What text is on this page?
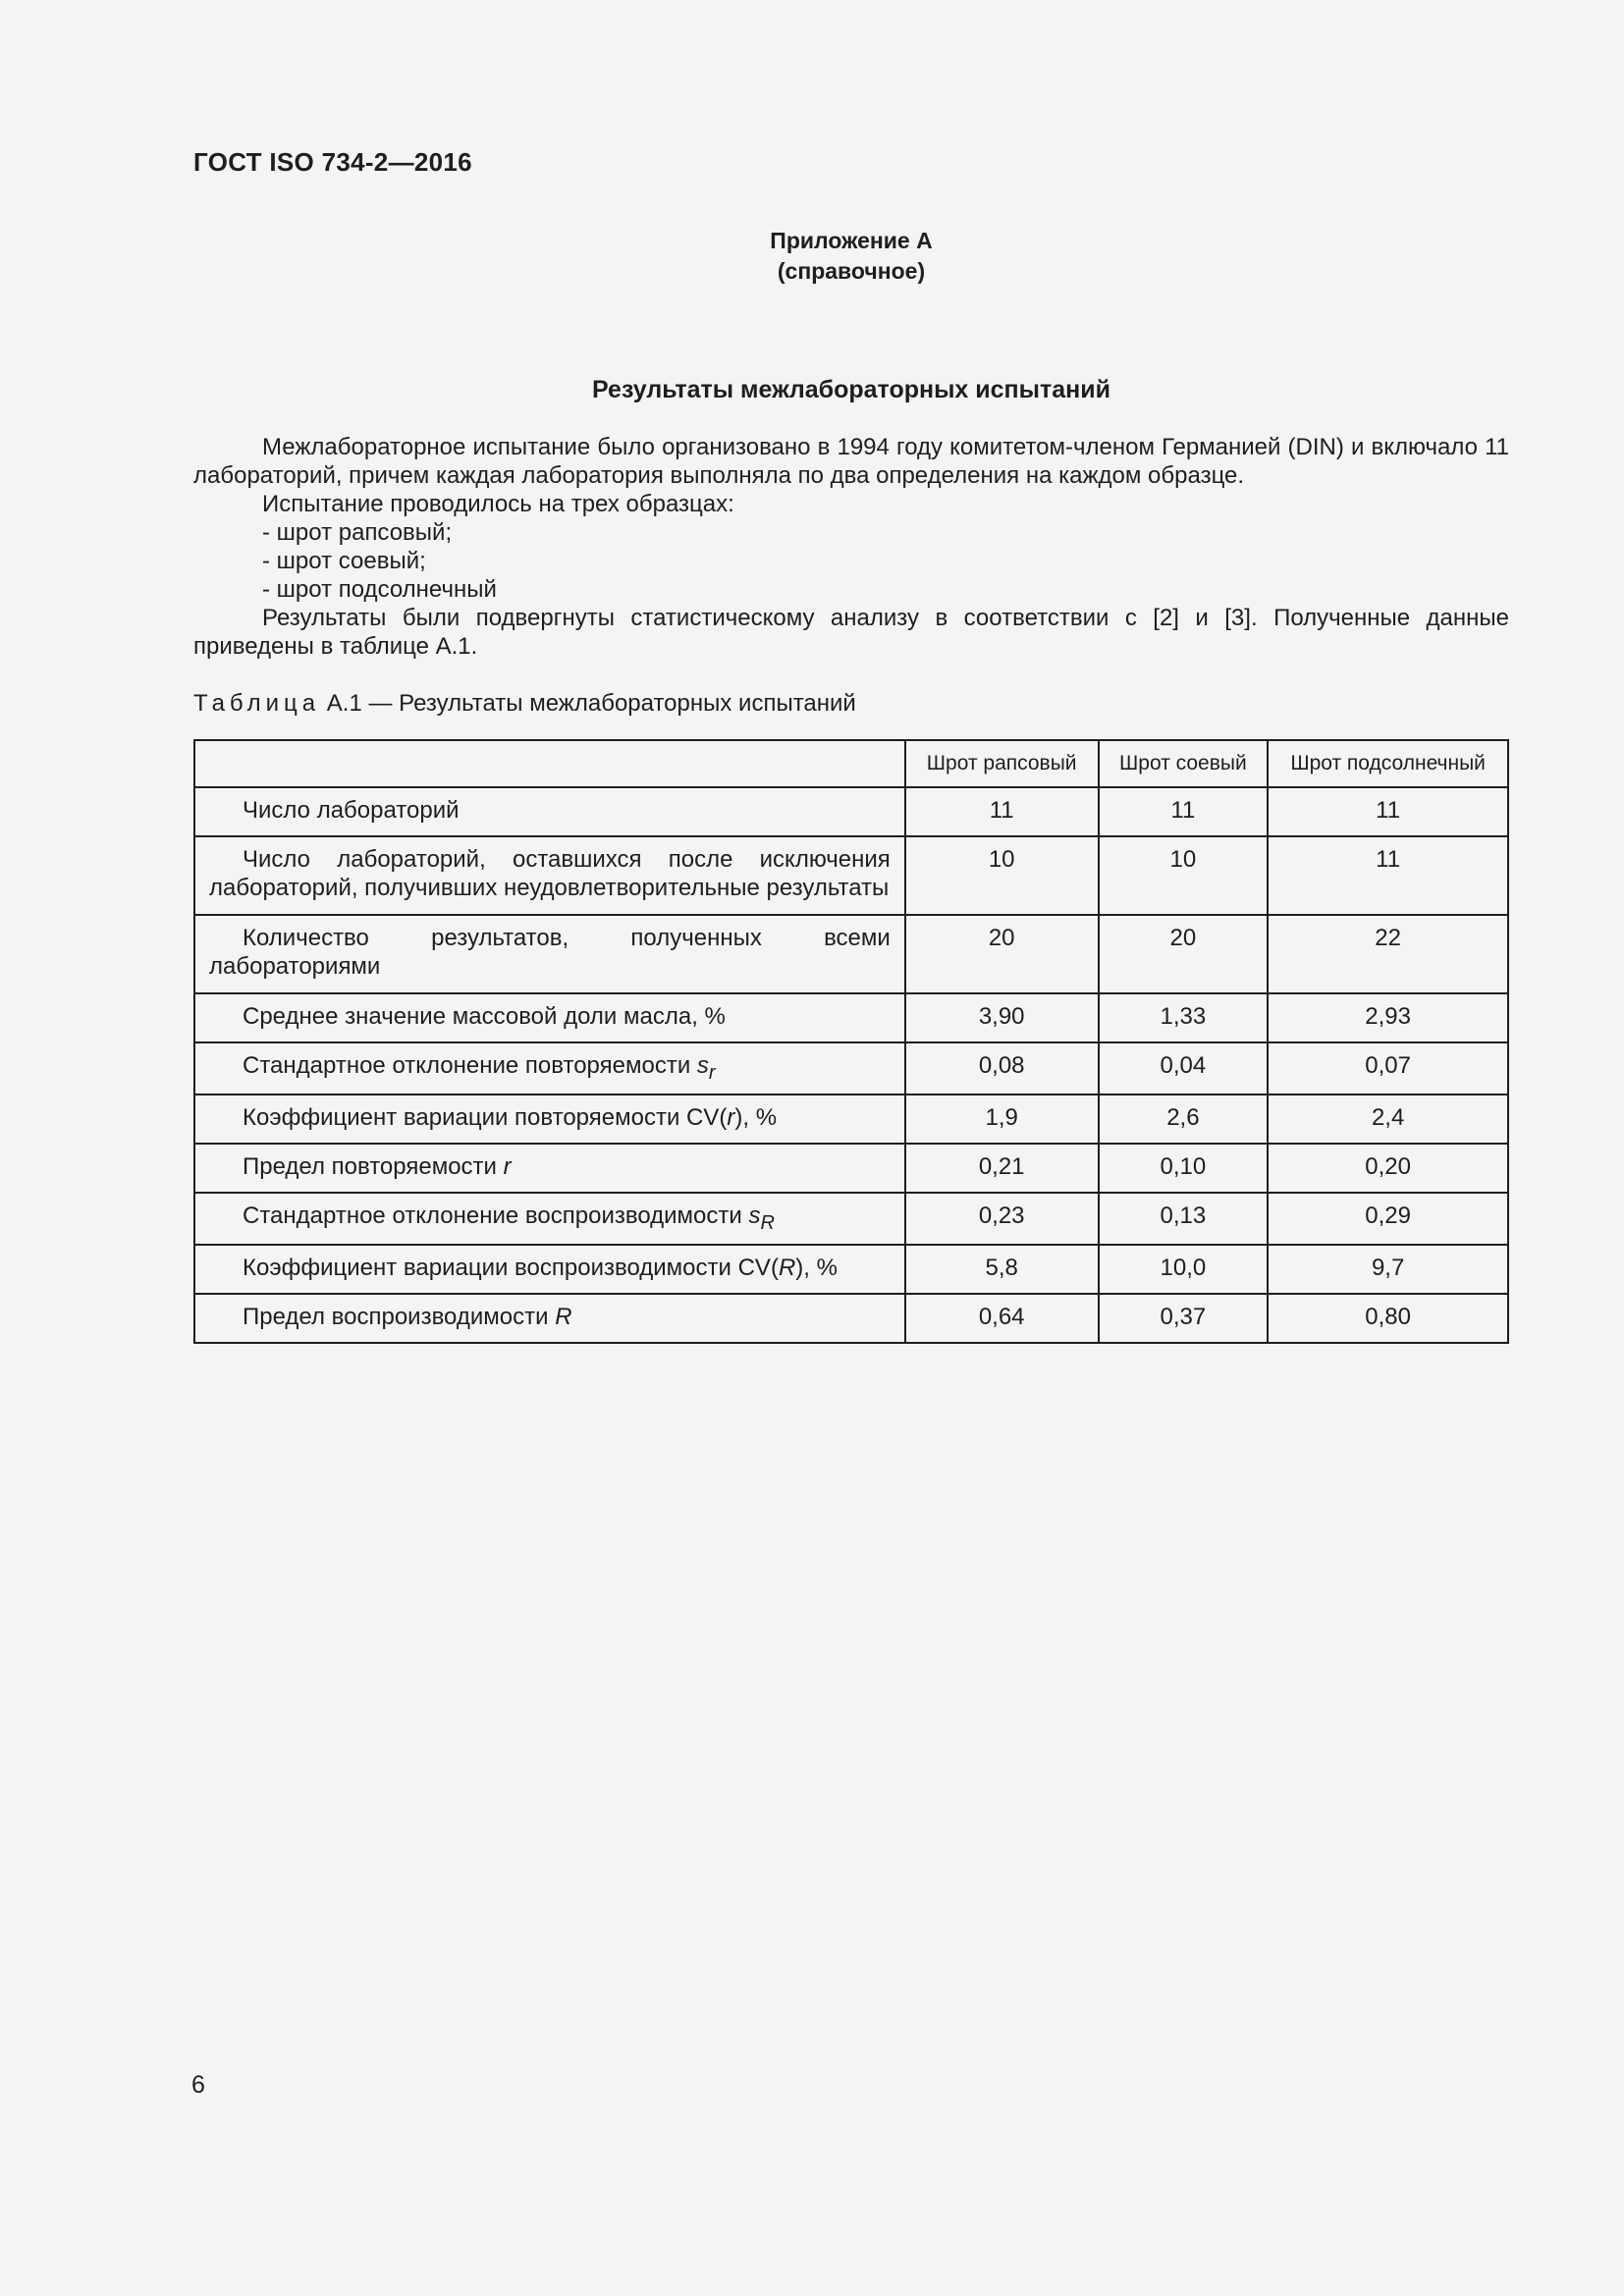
ГОСТ ISO 734-2—2016
Приложение А
(справочное)
Результаты межлабораторных испытаний

Межлабораторное испытание было организовано в 1994 году комитетом-членом Германией (DIN) и включало 11 лабораторий, причем каждая лаборатория выполняла по два определения на каждом образце.

Испытание проводилось на трех образцах:

- шрот рапсовый;
- шрот соевый;
- шрот подсолнечный

Результаты были подвергнуты статистическому анализу в соответствии с [2] и [3]. Полученные данные приведены в таблице А.1.

Таблица А.1 — Результаты межлабораторных испытаний
	Шрот рапсовый	Шрот соевый	Шрот подсолнечный
Число лабораторий	11	11	11
Число лабораторий, оставшихся после исключения лабораторий, получивших неудовлетворительные результаты	10	10	11
Количество результатов, полученных всеми лабораториями	20	20	22
Среднее значение массовой доли масла, %	3,90	1,33	2,93
Стандартное отклонение повторяемости $s_r$	0,08	0,04	0,07
Коэффициент вариации повторяемости CV(r), %	1,9	2,6	2,4
Предел повторяемости r	0,21	0,10	0,20
Стандартное отклонение воспроизводимости $s_R$	0,23	0,13	0,29
Коэффициент вариации воспроизводимости CV(R), %	5,8	10,0	9,7
Предел воспроизводимости R	0,64	0,37	0,80
6
